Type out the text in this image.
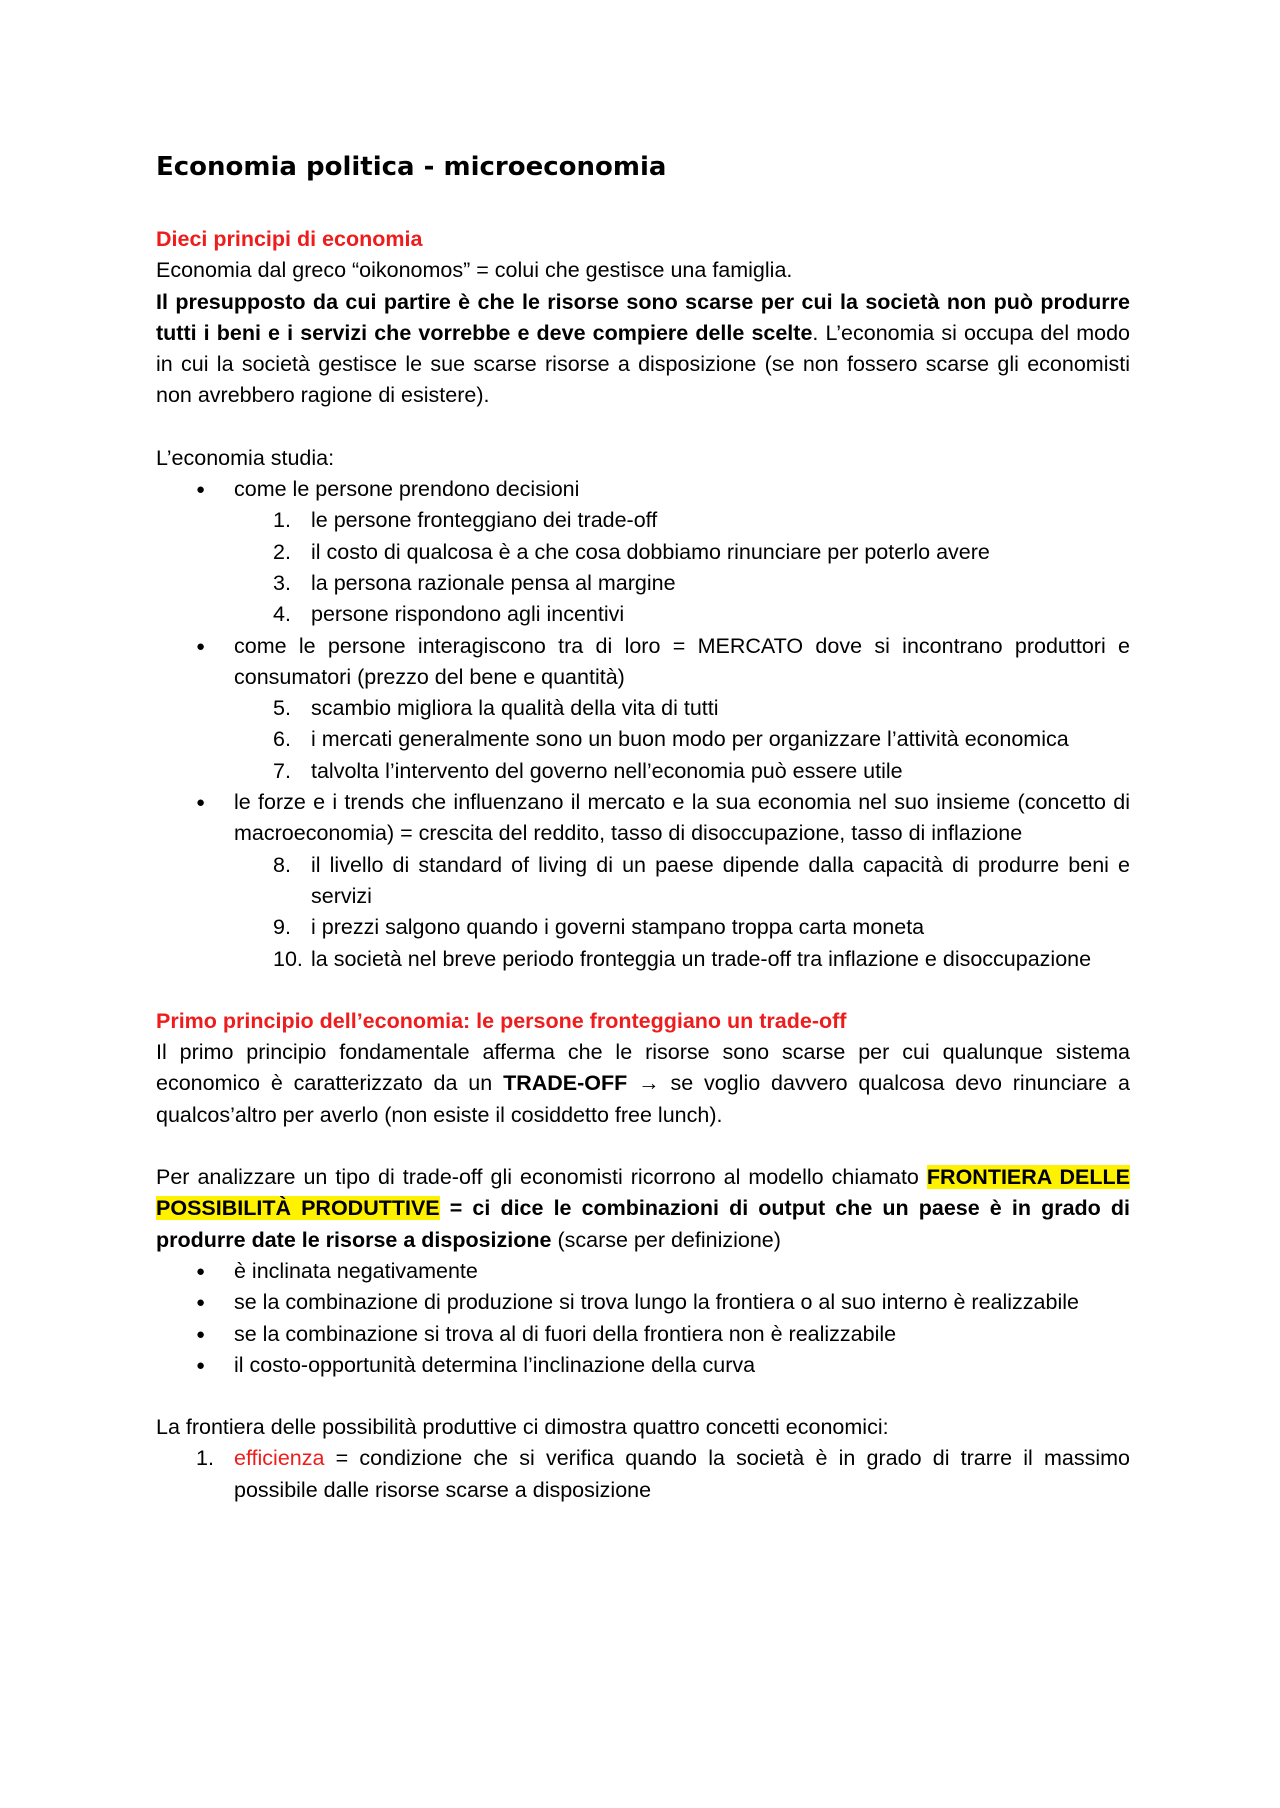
Economia politica - microeconomia
Dieci principi di economia

Economia dal greco “oikonomos” = colui che gestisce una famiglia.

Il presupposto da cui partire è che le risorse sono scarse per cui la società non può produrre tutti i beni e i servizi che vorrebbe e deve compiere delle scelte. L’economia si occupa del modo in cui la società gestisce le sue scarse risorse a disposizione (se non fossero scarse gli economisti non avrebbero ragione di esistere).

L’economia studia:

● come le persone prendono decisioni
1. le persone fronteggiano dei trade-off
2. il costo di qualcosa è a che cosa dobbiamo rinunciare per poterlo avere
3. la persona razionale pensa al margine
4. persone rispondono agli incentivi
● come le persone interagiscono tra di loro = MERCATO dove si incontrano produttori e consumatori (prezzo del bene e quantità)
5. scambio migliora la qualità della vita di tutti
6. i mercati generalmente sono un buon modo per organizzare l’attività economica
7. talvolta l’intervento del governo nell’economia può essere utile
● le forze e i trends che influenzano il mercato e la sua economia nel suo insieme (concetto di macroeconomia) = crescita del reddito, tasso di disoccupazione, tasso di inflazione
8. il livello di standard of living di un paese dipende dalla capacità di produrre beni e servizi
9. i prezzi salgono quando i governi stampano troppa carta moneta
10. la società nel breve periodo fronteggia un trade-off tra inflazione e disoccupazione
Primo principio dell’economia: le persone fronteggiano un trade-off

Il primo principio fondamentale afferma che le risorse sono scarse per cui qualunque sistema economico è caratterizzato da un TRADE-OFF → se voglio davvero qualcosa devo rinunciare a qualcos’altro per averlo (non esiste il cosiddetto free lunch).

Per analizzare un tipo di trade-off gli economisti ricorrono al modello chiamato FRONTIERA DELLE POSSIBILITÀ PRODUTTIVE = ci dice le combinazioni di output che un paese è in grado di produrre date le risorse a disposizione (scarse per definizione)

● è inclinata negativamente
● se la combinazione di produzione si trova lungo la frontiera o al suo interno è realizzabile
● se la combinazione si trova al di fuori della frontiera non è realizzabile
● il costo-opportunità determina l’inclinazione della curva

La frontiera delle possibilità produttive ci dimostra quattro concetti economici:

1. efficienza = condizione che si verifica quando la società è in grado di trarre il massimo possibile dalle risorse scarse a disposizione
